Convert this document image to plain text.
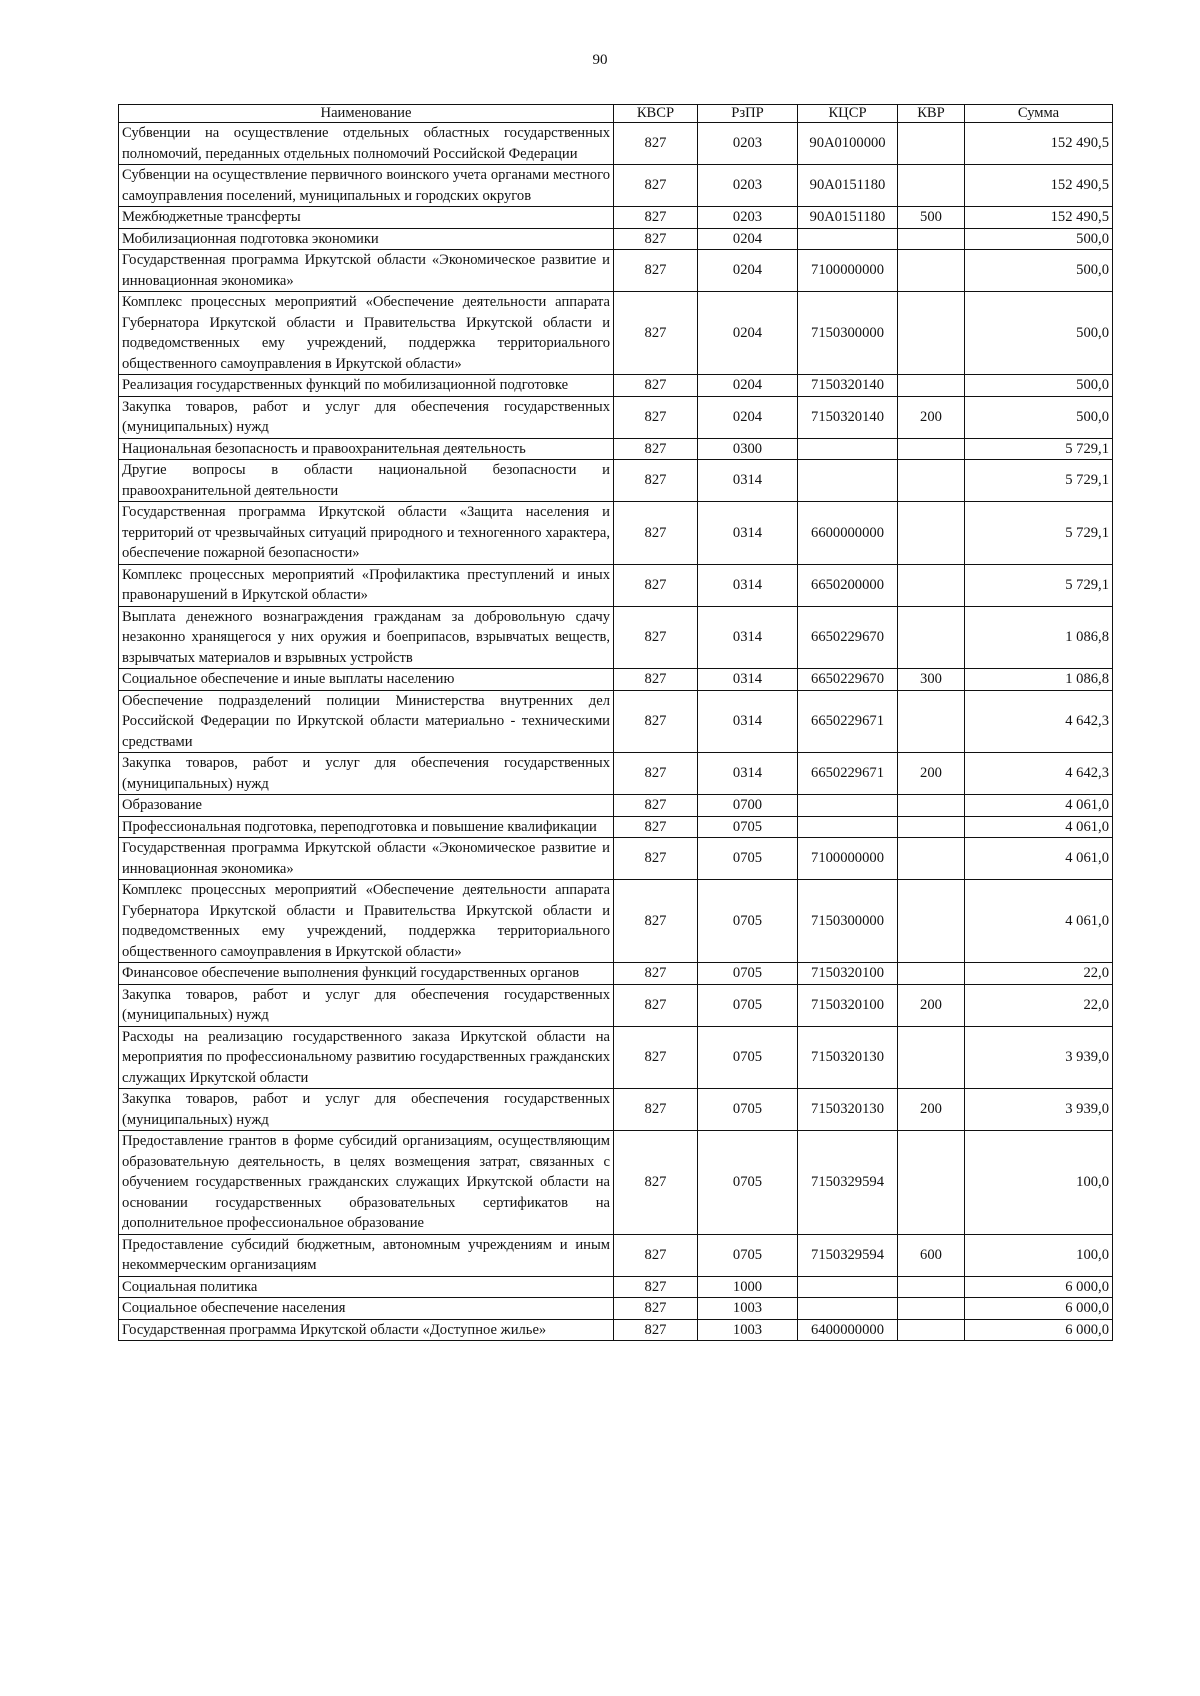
90
Наименование	КВСР	РзПР	КЦСР	КВР	Сумма
Субвенции на осуществление отдельных областных государственных полномочий, переданных отдельных полномочий Российской Федерации	827	0203	90А0100000		152 490,5
Субвенции на осуществление первичного воинского учета органами местного самоуправления поселений, муниципальных и городских округов	827	0203	90А0151180		152 490,5
Межбюджетные трансферты	827	0203	90А0151180	500	152 490,5
Мобилизационная подготовка экономики	827	0204			500,0
Государственная программа Иркутской области «Экономическое развитие и инновационная экономика»	827	0204	7100000000		500,0
Комплекс процессных мероприятий «Обеспечение деятельности аппарата Губернатора Иркутской области и Правительства Иркутской области и подведомственных ему учреждений, поддержка территориального общественного самоуправления в Иркутской области»	827	0204	7150300000		500,0
Реализация государственных функций по мобилизационной подготовке	827	0204	7150320140		500,0
Закупка товаров, работ и услуг для обеспечения государственных (муниципальных) нужд	827	0204	7150320140	200	500,0
Национальная безопасность и правоохранительная деятельность	827	0300			5 729,1
Другие вопросы в области национальной безопасности и правоохранительной деятельности	827	0314			5 729,1
Государственная программа Иркутской области «Защита населения и территорий от чрезвычайных ситуаций природного и техногенного характера, обеспечение пожарной безопасности»	827	0314	6600000000		5 729,1
Комплекс процессных мероприятий «Профилактика преступлений и иных правонарушений в Иркутской области»	827	0314	6650200000		5 729,1
Выплата денежного вознаграждения гражданам за добровольную сдачу незаконно хранящегося у них оружия и боеприпасов, взрывчатых веществ, взрывчатых материалов и взрывных устройств	827	0314	6650229670		1 086,8
Социальное обеспечение и иные выплаты населению	827	0314	6650229670	300	1 086,8
Обеспечение подразделений полиции Министерства внутренних дел Российской Федерации по Иркутской области материально - техническими средствами	827	0314	6650229671		4 642,3
Закупка товаров, работ и услуг для обеспечения государственных (муниципальных) нужд	827	0314	6650229671	200	4 642,3
Образование	827	0700			4 061,0
Профессиональная подготовка, переподготовка и повышение квалификации	827	0705			4 061,0
Государственная программа Иркутской области «Экономическое развитие и инновационная экономика»	827	0705	7100000000		4 061,0
Комплекс процессных мероприятий «Обеспечение деятельности аппарата Губернатора Иркутской области и Правительства Иркутской области и подведомственных ему учреждений, поддержка территориального общественного самоуправления в Иркутской области»	827	0705	7150300000		4 061,0
Финансовое обеспечение выполнения функций государственных органов	827	0705	7150320100		22,0
Закупка товаров, работ и услуг для обеспечения государственных (муниципальных) нужд	827	0705	7150320100	200	22,0
Расходы на реализацию государственного заказа Иркутской области на мероприятия по профессиональному развитию государственных гражданских служащих Иркутской области	827	0705	7150320130		3 939,0
Закупка товаров, работ и услуг для обеспечения государственных (муниципальных) нужд	827	0705	7150320130	200	3 939,0
Предоставление грантов в форме субсидий организациям, осуществляющим образовательную деятельность, в целях возмещения затрат, связанных с обучением государственных гражданских служащих Иркутской области на основании государственных образовательных сертификатов на дополнительное профессиональное образование	827	0705	7150329594		100,0
Предоставление субсидий бюджетным, автономным учреждениям и иным некоммерческим организациям	827	0705	7150329594	600	100,0
Социальная политика	827	1000			6 000,0
Социальное обеспечение населения	827	1003			6 000,0
Государственная программа Иркутской области «Доступное жилье»	827	1003	6400000000		6 000,0
